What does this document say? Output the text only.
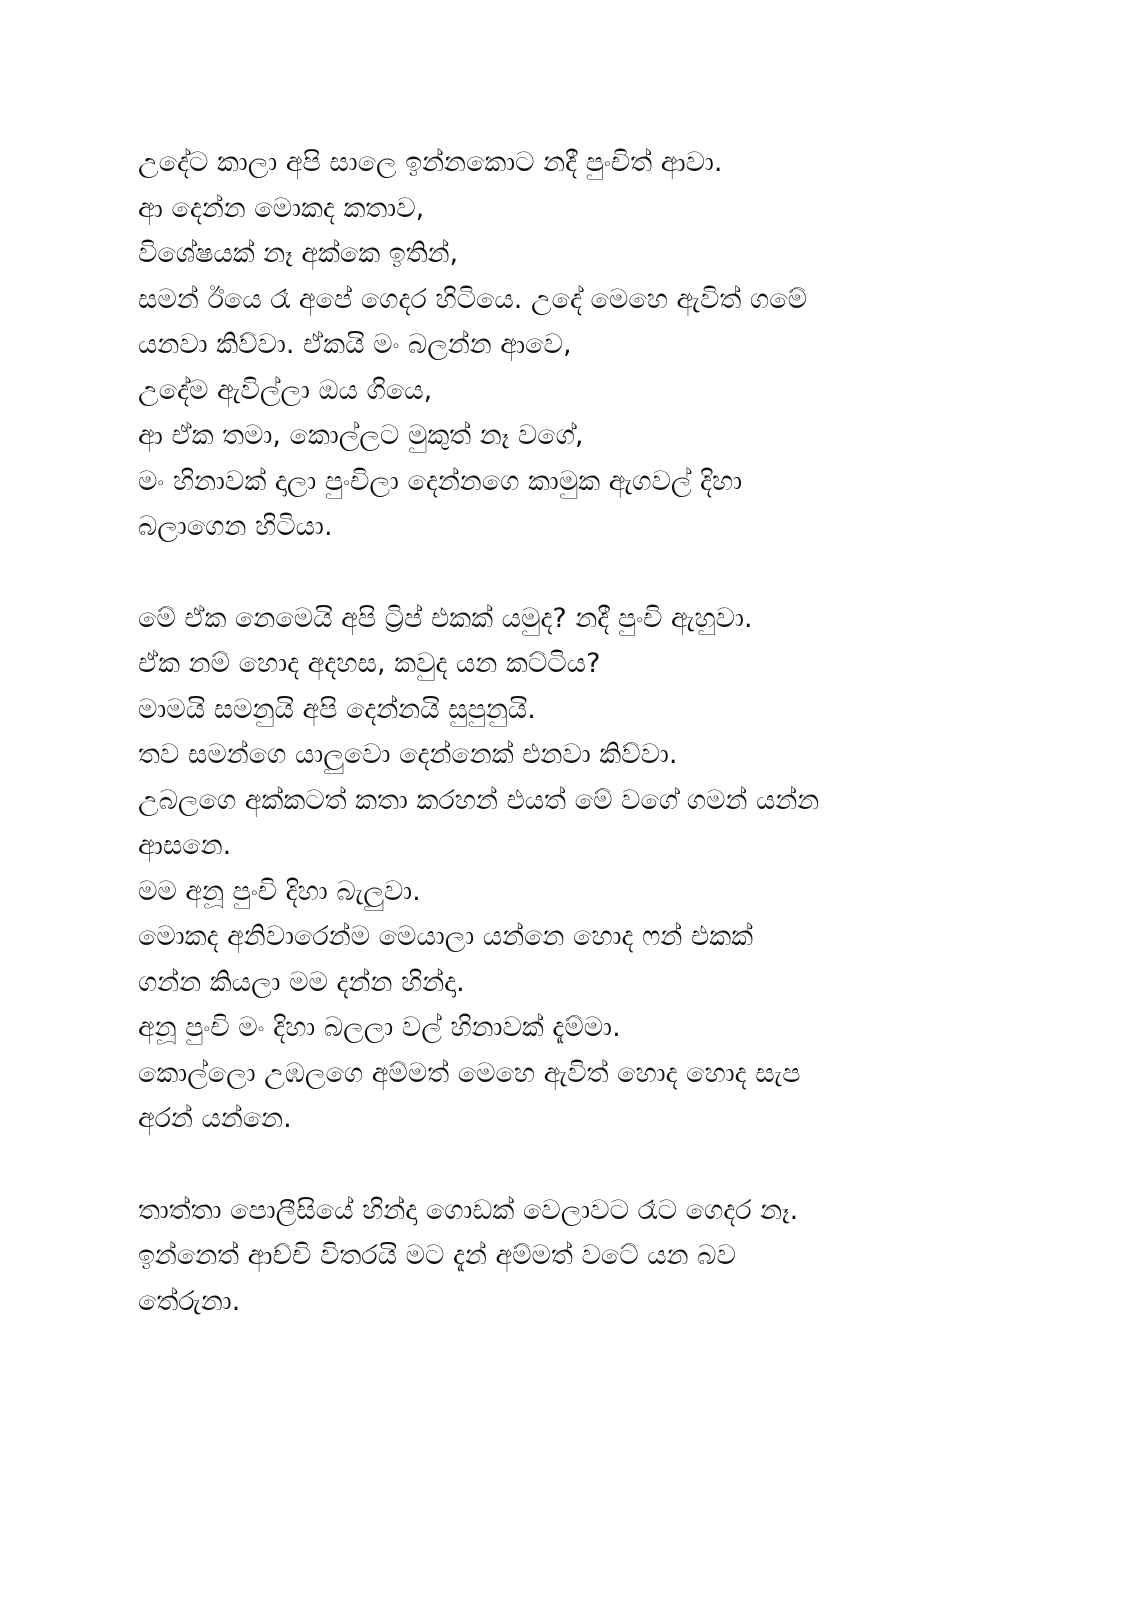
උදේට කාලා අපි සාලෙ ඉන්නකොට නදී පුංචිත් ආවා.
ආ දෙන්න මොකද කතාව,
විශේෂයක් නෑ අක්කෙ ඉතින්,
සමන් ඊයෙ රෑ අපේ ගෙදර හිටියෙ. උදේ මෙහෙ ඇවිත් ගමේ
යනවා කිව්වා. ඒකයි මං බලන්න ආවෙ,
උදේම ඇවිල්ලා ඔය ගියෙ,
ආ ඒක තමා, කොල්ලට මුකුත් නෑ වගේ,
මං හිනාවක් දාලා පුංචිලා දෙන්නගෙ කාමුක ඇගවල් දිහා
බලාගෙන හිටියා.
මේ ඒක නෙමෙයි අපි ට්‍රිප් එකක් යමුද? නදී පුංචි ඇහුවා.
ඒක නම් හොද අදහස, කවුද යන කට්ටිය?
මාමයි සමනුයි අපි දෙන්නයි සුපුනුයි.
තව සමන්ගෙ යාලුවො දෙන්නෙක් එනවා කිව්වා.
උබලගෙ අක්කටත් කතා කරහන් එයත් මේ වගේ ගමන් යන්න
ආසනෙ.
මම අනූ පුංචි දිහා බැලුවා.
මොකද අනිවාරෙන්ම මෙයාලා යන්නෙ හොද ෆන් එකක්
ගන්න කියලා මම දන්න හින්දා.
අනූ පුංචි මං දිහා බලලා වල් හිනාවක් දැම්මා.
කොල්ලො උඹලගෙ අම්මත් මෙහෙ ඇවිත් හොද හොද සැප
අරන් යන්නෙ.
තාත්තා පොලීසියේ හින්දා ගොඩක් වෙලාවට රෑට ගෙදර නෑ.
ඉන්නෙත් ආච්චි විතරයි මට දැන් අම්මත් වටේ යන බව
තේරුනා.
